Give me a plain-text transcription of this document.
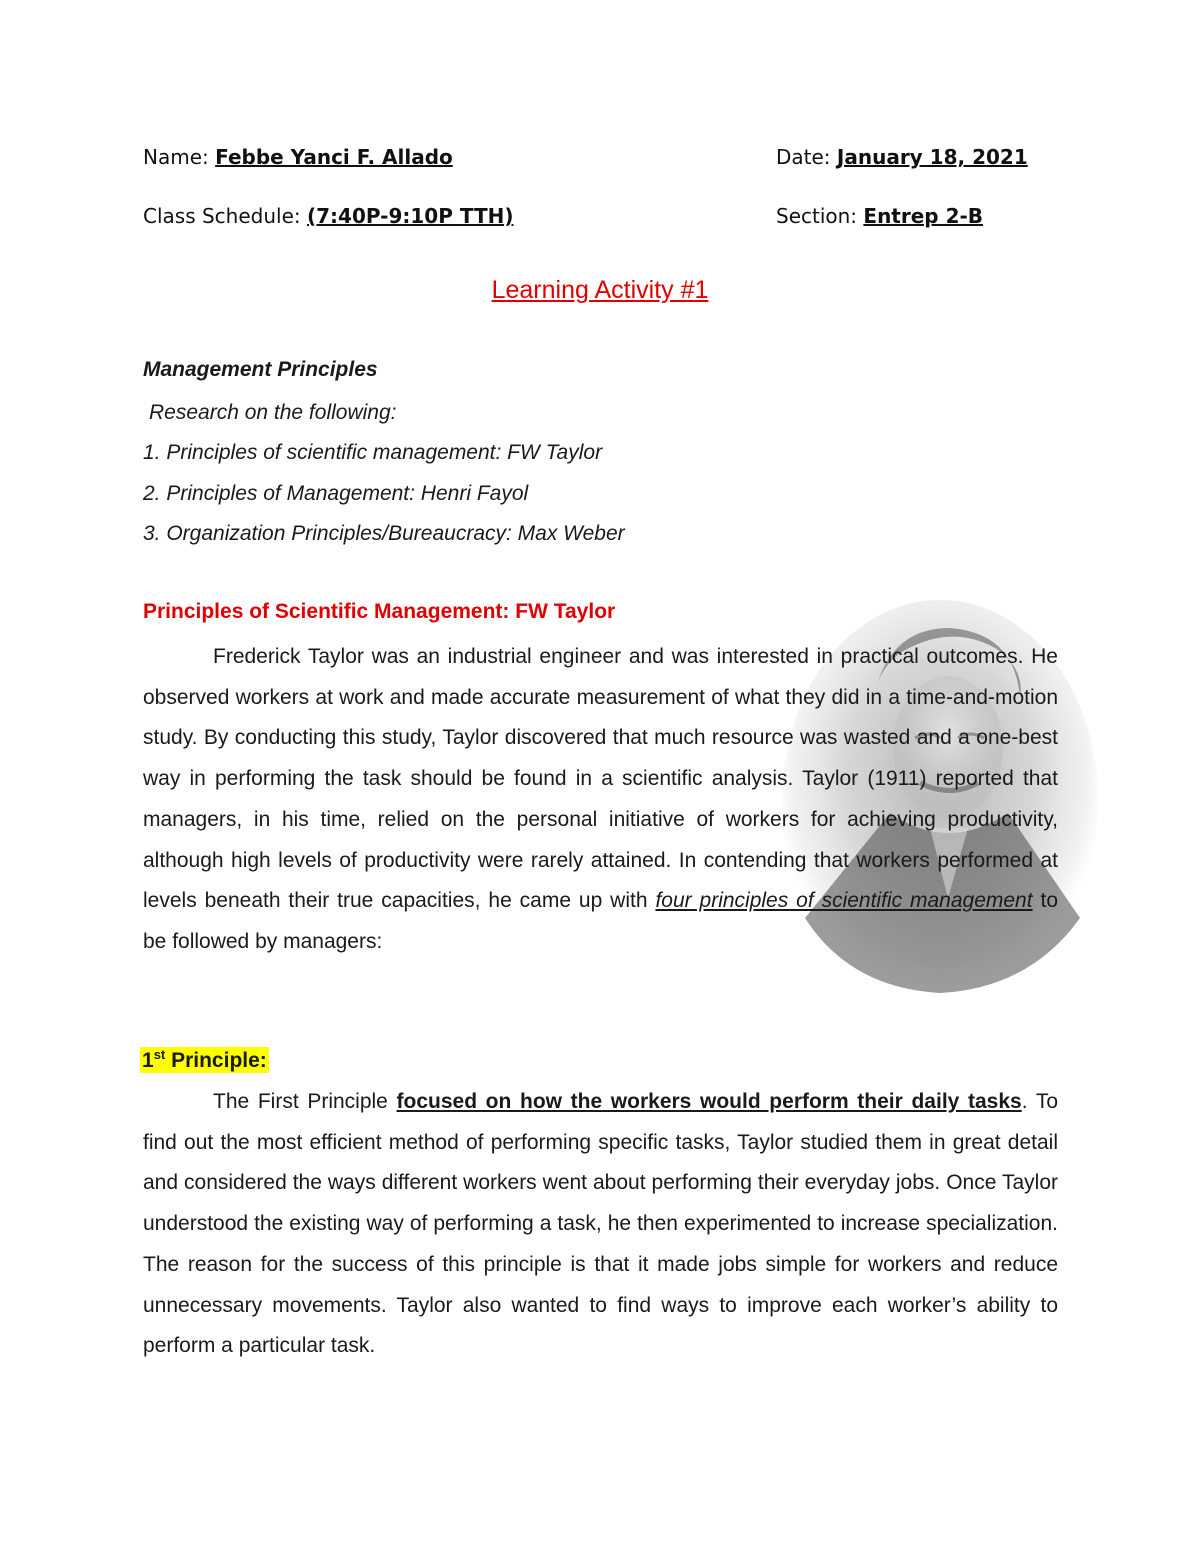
Name: Febbe Yanci F. Allado	Date: January 18, 2021
Class Schedule: (7:40P-9:10P TTH)	Section: Entrep 2-B
Learning Activity #1
Management Principles
Research on the following:
1. Principles of scientific management: FW Taylor
2. Principles of Management: Henri Fayol
3. Organization Principles/Bureaucracy: Max Weber
Principles of Scientific Management: FW Taylor

Frederick Taylor was an industrial engineer and was interested in practical outcomes. He observed workers at work and made accurate measurement of what they did in a time-and-motion study. By conducting this study, Taylor discovered that much resource was wasted and a one-best way in performing the task should be found in a scientific analysis. Taylor (1911) reported that managers, in his time, relied on the personal initiative of workers for achieving productivity, although high levels of productivity were rarely attained. In contending that workers performed at levels beneath their true capacities, he came up with four principles of scientific management to be followed by managers:

1st Principle:

The First Principle focused on how the workers would perform their daily tasks. To find out the most efficient method of performing specific tasks, Taylor studied them in great detail and considered the ways different workers went about performing their everyday jobs. Once Taylor understood the existing way of performing a task, he then experimented to increase specialization. The reason for the success of this principle is that it made jobs simple for workers and reduce unnecessary movements. Taylor also wanted to find ways to improve each worker’s ability to perform a particular task.
